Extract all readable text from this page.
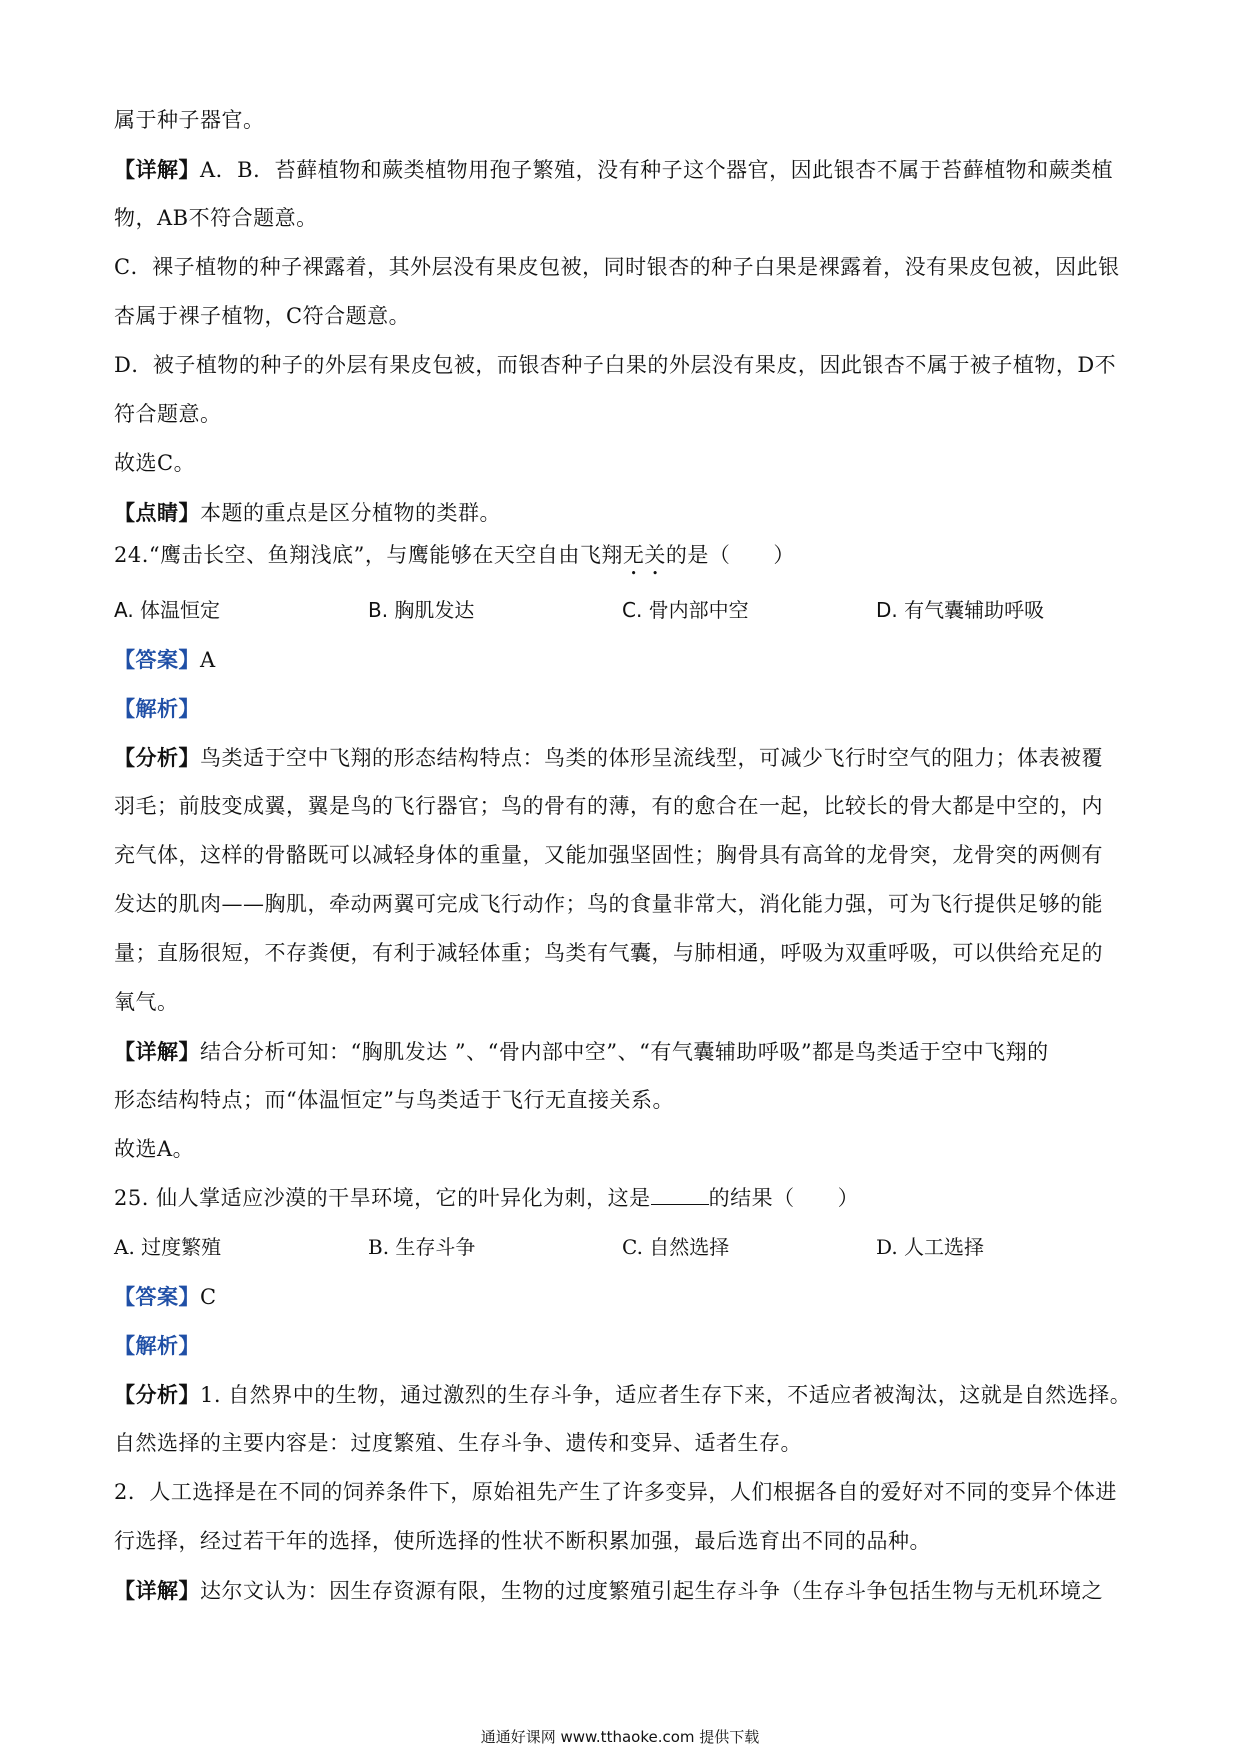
属于种子器官。
【详解】A．B．苔藓植物和蕨类植物用孢子繁殖，没有种子这个器官，因此银杏不属于苔藓植物和蕨类植
物，AB不符合题意。
C．裸子植物的种子裸露着，其外层没有果皮包被，同时银杏的种子白果是裸露着，没有果皮包被，因此银
杏属于裸子植物，C符合题意。
D．被子植物的种子的外层有果皮包被，而银杏种子白果的外层没有果皮，因此银杏不属于被子植物，D不
符合题意。
故选C。
【点睛】本题的重点是区分植物的类群。
24.“鹰击长空、鱼翔浅底”，与鹰能够在天空自由飞翔无关的是（　　）
A. 体温恒定	B. 胸肌发达	C. 骨内部中空	D. 有气囊辅助呼吸
【答案】A
【解析】
【分析】鸟类适于空中飞翔的形态结构特点：鸟类的体形呈流线型，可减少飞行时空气的阻力；体表被覆
羽毛；前肢变成翼，翼是鸟的飞行器官；鸟的骨有的薄，有的愈合在一起，比较长的骨大都是中空的，内
充气体，这样的骨骼既可以减轻身体的重量，又能加强坚固性；胸骨具有高耸的龙骨突，龙骨突的两侧有
发达的肌肉——胸肌，牵动两翼可完成飞行动作；鸟的食量非常大，消化能力强，可为飞行提供足够的能
量；直肠很短，不存粪便，有利于减轻体重；鸟类有气囊，与肺相通，呼吸为双重呼吸，可以供给充足的
氧气。
【详解】结合分析可知：“胸肌发达 ”、“骨内部中空”、“有气囊辅助呼吸”都是鸟类适于空中飞翔的
形态结构特点；而“体温恒定”与鸟类适于飞行无直接关系。
故选A。
25. 仙人掌适应沙漠的干旱环境，它的叶异化为刺，这是	的结果（　　）
A. 过度繁殖	B. 生存斗争	C. 自然选择	D. 人工选择
【答案】C
【解析】
【分析】1. 自然界中的生物，通过激烈的生存斗争，适应者生存下来，不适应者被淘汰，这就是自然选择。
自然选择的主要内容是：过度繁殖、生存斗争、遗传和变异、适者生存。
2．人工选择是在不同的饲养条件下，原始祖先产生了许多变异，人们根据各自的爱好对不同的变异个体进
行选择，经过若干年的选择，使所选择的性状不断积累加强，最后选育出不同的品种。
【详解】达尔文认为：因生存资源有限，生物的过度繁殖引起生存斗争（生存斗争包括生物与无机环境之
通通好课网 www.tthaoke.com 提供下载
